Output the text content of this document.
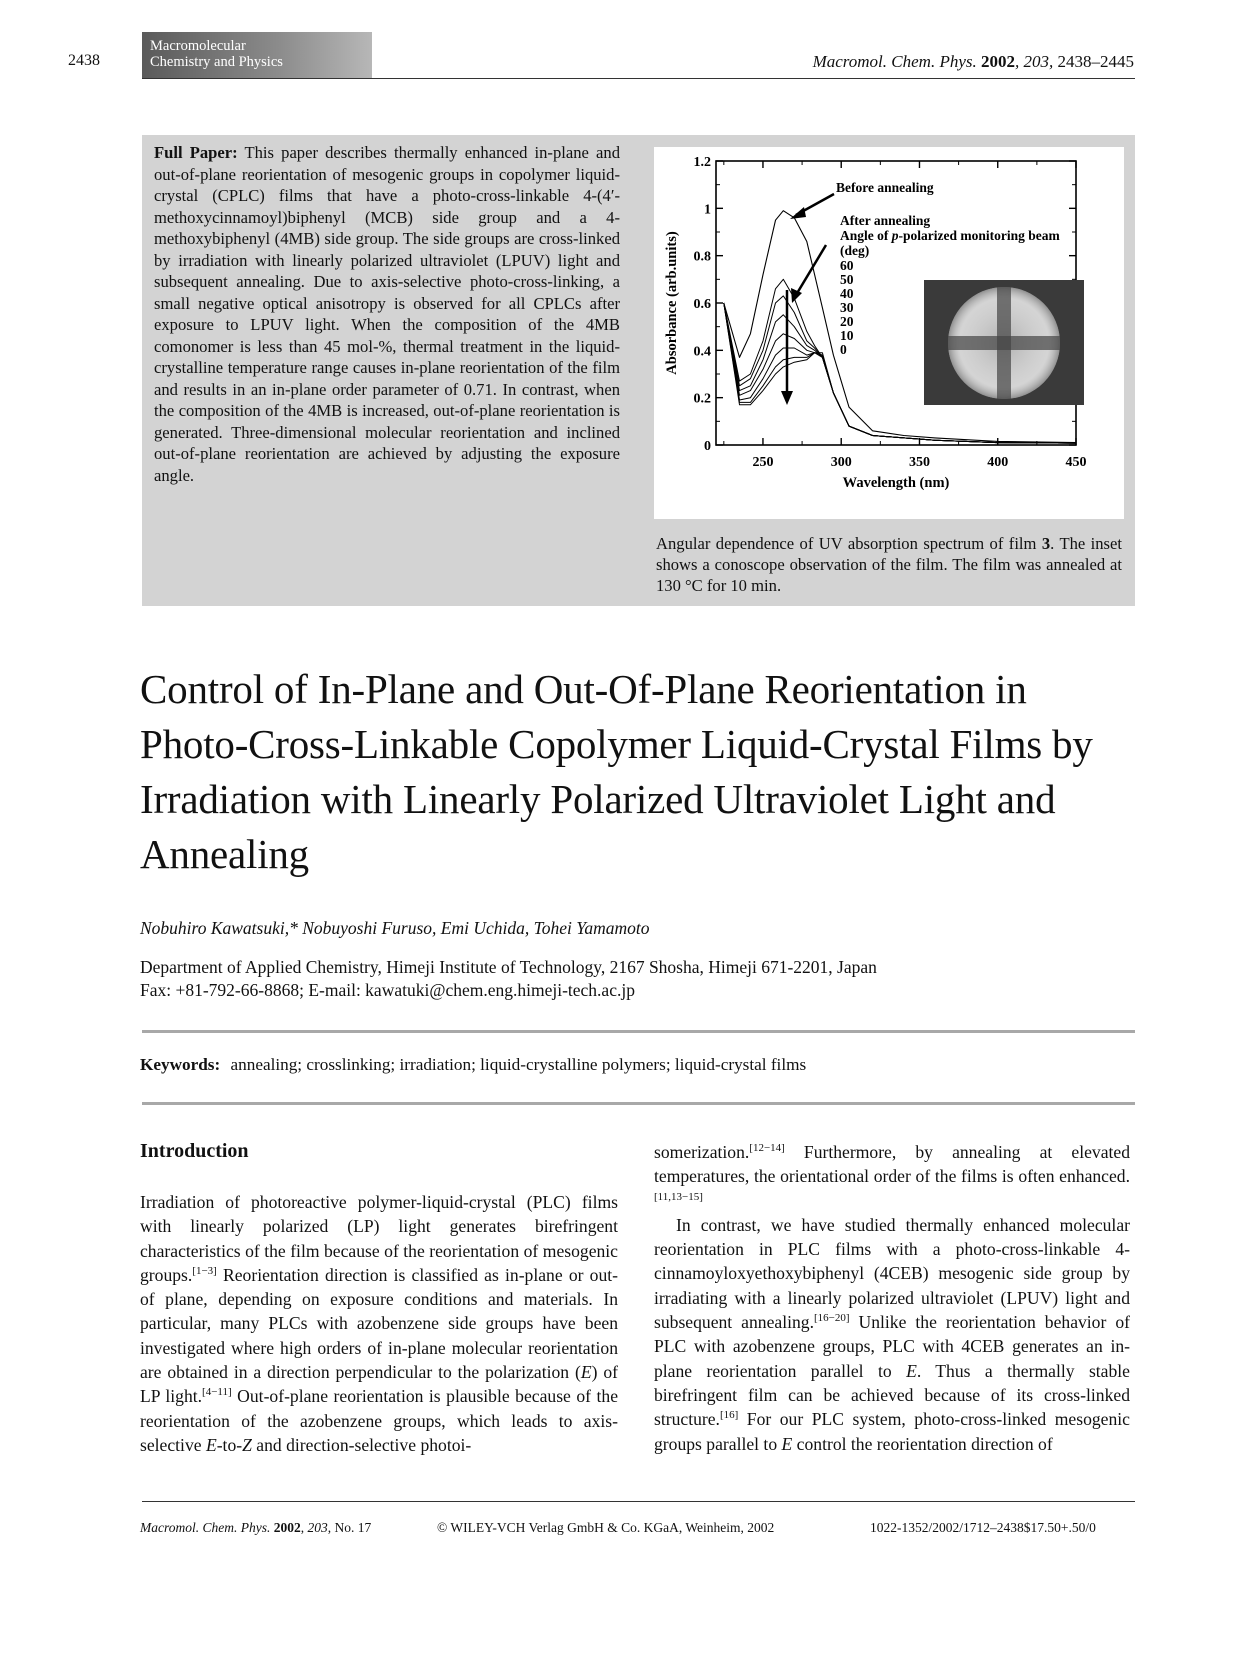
2438
Macromolecular
Chemistry and Physics
	Macromol. Chem. Phys. 2002, 203, 2438–2445
Full Paper: This paper describes thermally enhanced in-plane and out-of-plane reorientation of mesogenic groups in copolymer liquid-crystal (CPLC) films that have a photo-cross-linkable 4-(4′-methoxycinnamoyl)biphenyl (MCB) side group and a 4-methoxybiphenyl (4MB) side group. The side groups are cross-linked by irradiation with linearly polarized ultraviolet (LPUV) light and subsequent annealing. Due to axis-selective photo-cross-linking, a small negative optical anisotropy is observed for all CPLCs after exposure to LPUV light. When the composition of the 4MB comonomer is less than 45 mol-%, thermal treatment in the liquid-crystalline temperature range causes in-plane reorientation of the film and results in an in-plane order parameter of 0.71. In contrast, when the composition of the 4MB is increased, out-of-plane reorientation is generated. Three-dimensional molecular reorientation and inclined out-of-plane reorientation are achieved by adjusting the exposure angle.
0
0.2
0.4
0.6
0.8
1
1.2
250	300	350	400	450
Wavelength (nm)
Absorbance (arb.units)
Before annealing
After annealing
Angle of p-polarized monitoring beam
(deg)
60
50
40
30
20
10
0
Angular dependence of UV absorption spectrum of film 3. The inset shows a conoscope observation of the film. The film was annealed at 130 °C for 10 min.
Control of In-Plane and Out-Of-Plane Reorientation in Photo-Cross-Linkable Copolymer Liquid-Crystal Films by Irradiation with Linearly Polarized Ultraviolet Light and Annealing
Nobuhiro Kawatsuki,* Nobuyoshi Furuso, Emi Uchida, Tohei Yamamoto
Department of Applied Chemistry, Himeji Institute of Technology, 2167 Shosha, Himeji 671-2201, Japan
Fax: +81-792-66-8868; E-mail: kawatuki@chem.eng.himeji-tech.ac.jp
Keywords: annealing; crosslinking; irradiation; liquid-crystalline polymers; liquid-crystal films
Introduction

Irradiation of photoreactive polymer-liquid-crystal (PLC) films with linearly polarized (LP) light generates birefringent characteristics of the film because of the reorientation of mesogenic groups.[1−3] Reorientation direction is classified as in-plane or out-of plane, depending on exposure conditions and materials. In particular, many PLCs with azobenzene side groups have been investigated where high orders of in-plane molecular reorientation are obtained in a direction perpendicular to the polarization (E) of LP light.[4−11] Out-of-plane reorientation is plausible because of the reorientation of the azobenzene groups, which leads to axis-selective E-to-Z and direction-selective photoi-

somerization.[12−14] Furthermore, by annealing at elevated temperatures, the orientational order of the films is often enhanced.[11,13−15]

In contrast, we have studied thermally enhanced molecular reorientation in PLC films with a photo-cross-linkable 4-cinnamoyloxyethoxybiphenyl (4CEB) mesogenic side group by irradiating with a linearly polarized ultraviolet (LPUV) light and subsequent annealing.[16−20] Unlike the reorientation behavior of PLC with azobenzene groups, PLC with 4CEB generates an in-plane reorientation parallel to E. Thus a thermally stable birefringent film can be achieved because of its cross-linked structure.[16] For our PLC system, photo-cross-linked mesogenic groups parallel to E control the reorientation direction of

Macromol. Chem. Phys. 2002, 203, No. 17	© WILEY-VCH Verlag GmbH & Co. KGaA, Weinheim, 2002	1022-1352/2002/1712–2438$17.50+.50/0
